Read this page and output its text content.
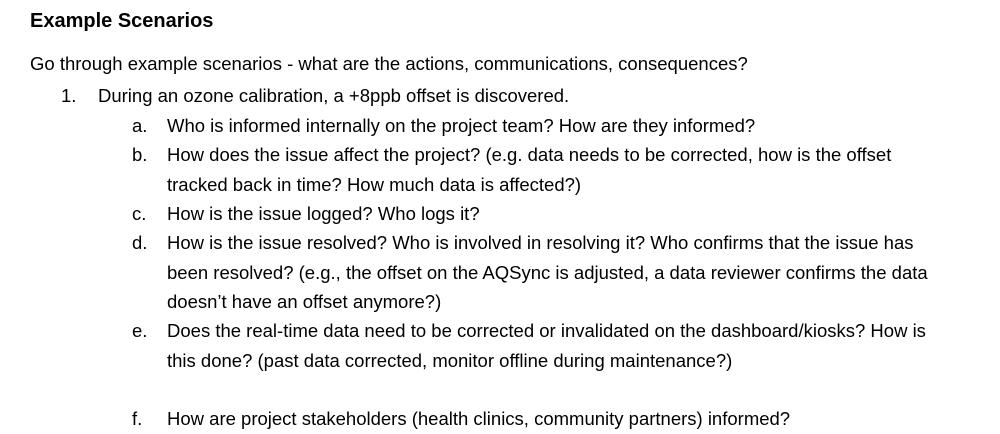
Example Scenarios
Go through example scenarios - what are the actions, communications, consequences?
1. During an ozone calibration, a +8ppb offset is discovered.
a. Who is informed internally on the project team? How are they informed?
b. How does the issue affect the project? (e.g. data needs to be corrected, how is the offset tracked back in time? How much data is affected?)
c. How is the issue logged? Who logs it?
d. How is the issue resolved? Who is involved in resolving it? Who confirms that the issue has been resolved? (e.g., the offset on the AQSync is adjusted, a data reviewer confirms the data doesn’t have an offset anymore?)
e. Does the real-time data need to be corrected or invalidated on the dashboard/kiosks? How is this done? (past data corrected, monitor offline during maintenance?)
f. How are project stakeholders (health clinics, community partners) informed?
